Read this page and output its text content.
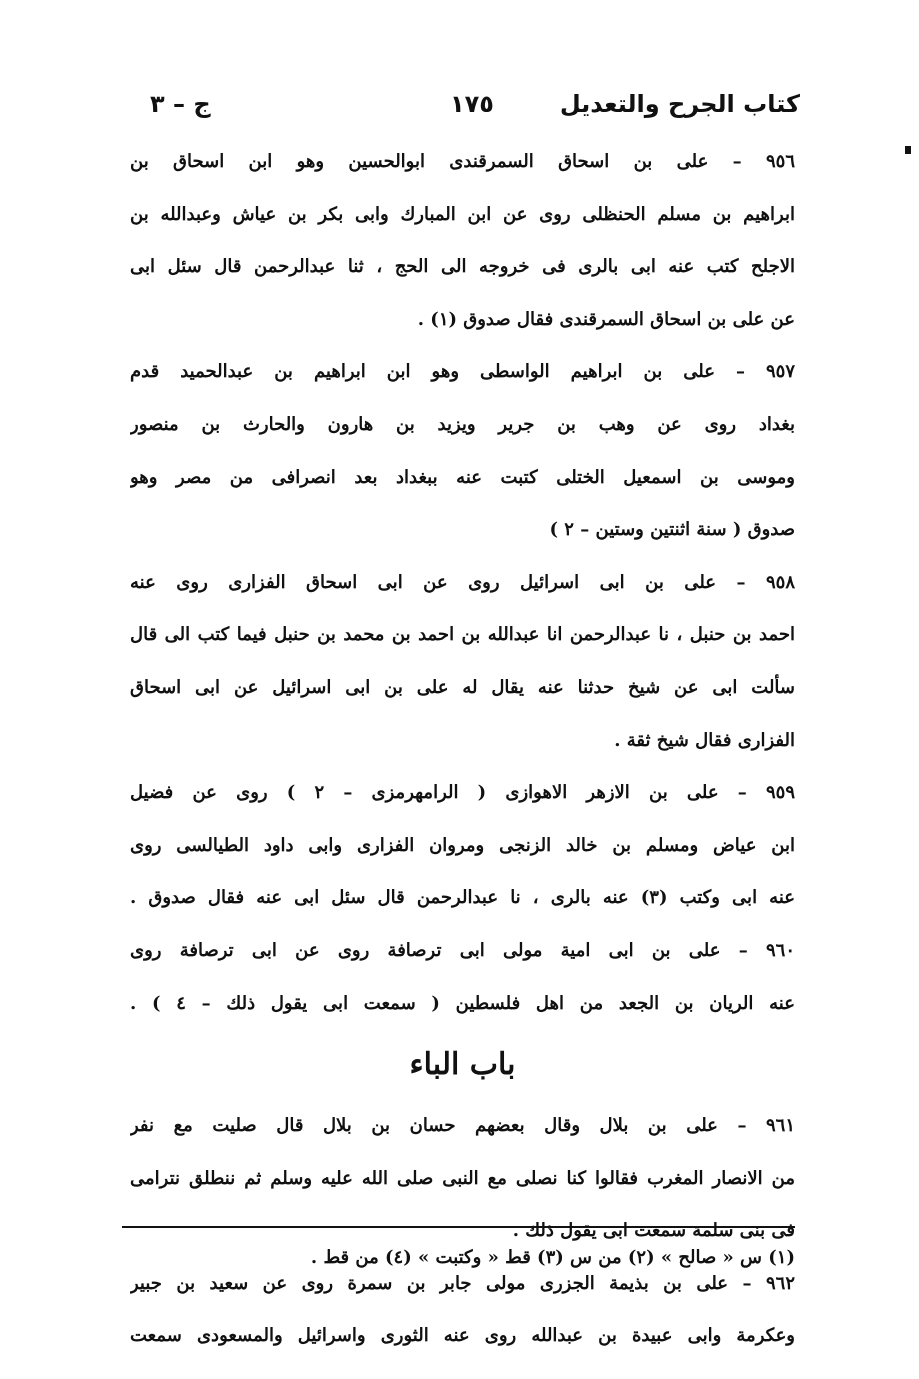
كتاب الجرح والتعديل
١٧٥
ج – ٣
٩٥٦ – على بن اسحاق السمرقندى ابوالحسين وهو ابن اسحاق بن
ابراهيم بن مسلم الحنظلى روى عن ابن المبارك وابى بكر بن عياش وعبدالله بن
الاجلح كتب عنه ابى بالرى فى خروجه الى الحج ، ثنا عبدالرحمن قال سئل ابى
عن على بن اسحاق السمرقندى فقال صدوق (١) .
٩٥٧ – على بن ابراهيم الواسطى وهو ابن ابراهيم بن عبدالحميد قدم
بغداد روى عن وهب بن جرير ويزيد بن هارون والحارث بن منصور
وموسى بن اسمعيل الختلى كتبت عنه ببغداد بعد انصرافى من مصر وهو
صدوق ( سنة اثنتين وستين – ٢ )
٩٥٨ – على بن ابى اسرائيل روى عن ابى اسحاق الفزارى روى عنه
احمد بن حنبل ، نا عبدالرحمن انا عبدالله بن احمد بن محمد بن حنبل فيما كتب الى قال
سألت ابى عن شيخ حدثنا عنه يقال له على بن ابى اسرائيل عن ابى اسحاق
الفزارى فقال شيخ ثقة .
٩٥٩ – على بن الازهر الاهوازى ( الرامهرمزى – ٢ ) روى عن فضيل
ابن عياض ومسلم بن خالد الزنجى ومروان الفزارى وابى داود الطيالسى روى
عنه ابى وكتب (٣) عنه بالرى ، نا عبدالرحمن قال سئل ابى عنه فقال صدوق .
٩٦٠ – على بن ابى امية مولى ابى ترصافة روى عن ابى ترصافة روى
عنه الريان بن الجعد من اهل فلسطين ( سمعت ابى يقول ذلك – ٤ ) .
باب الباء
٩٦١ – على بن بلال وقال بعضهم حسان بن بلال قال صليت مع نفر
من الانصار المغرب فقالوا كنا نصلى مع النبى صلى الله عليه وسلم ثم ننطلق نترامى
فى بنى سلمة سمعت ابى يقول ذلك .
٩٦٢ – على بن بذيمة الجزرى مولى جابر بن سمرة روى عن سعيد بن جبير
وعكرمة وابى عبيدة بن عبدالله روى عنه الثورى واسرائيل والمسعودى سمعت
(١) س « صالح » (٢) من س (٣) قط « وكتبت » (٤) من قط .
